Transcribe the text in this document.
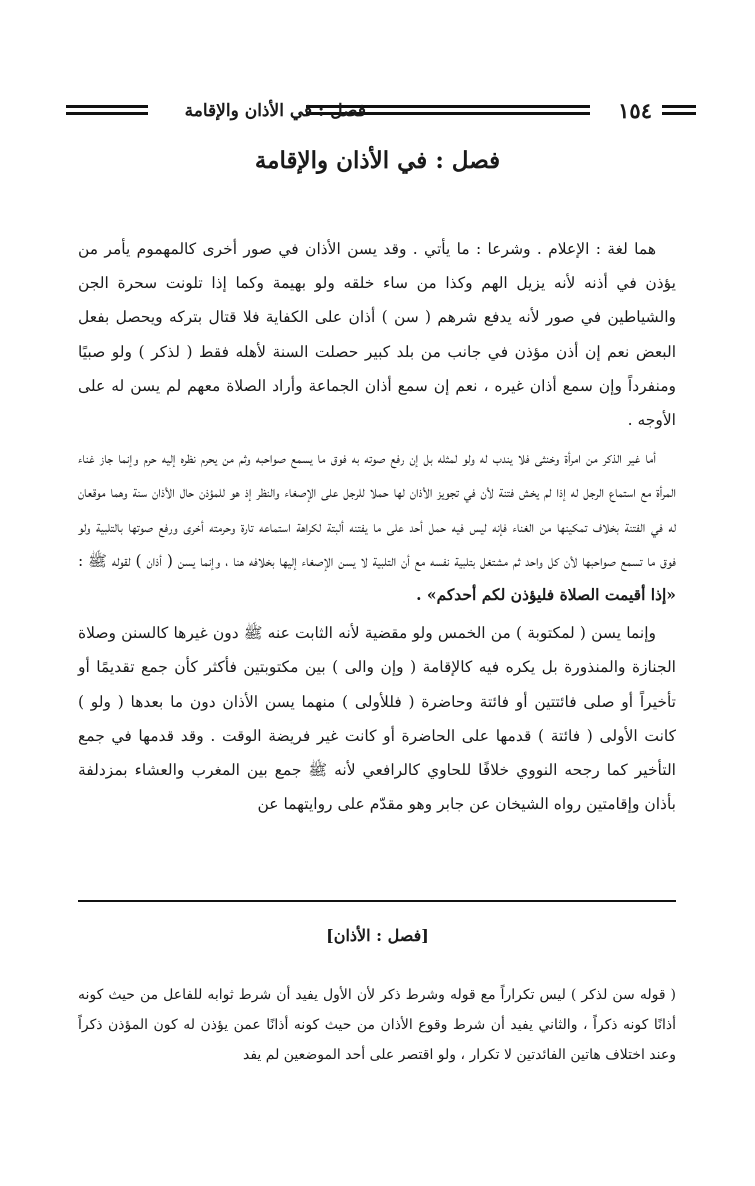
١٥٤
فصل : في الأذان والإقامة
فصل : في الأذان والإقامة

هما لغة : الإعلام . وشرعا : ما يأتي . وقد يسن الأذان في صور أخرى كالمهموم يأمر من يؤذن في أذنه لأنه يزيل الهم وكذا من ساء خلقه ولو بهيمة وكما إذا تلونت سحرة الجن والشياطين في صور لأنه يدفع شرهم ( سن ) أذان على الكفاية فلا قتال بتركه ويحصل بفعل البعض نعم إن أذن مؤذن في جانب من بلد كبير حصلت السنة لأهله فقط ( لذكر ) ولو صبيًا ومنفرداً وإن سمع أذان غيره ، نعم إن سمع أذان الجماعة وأراد الصلاة معهم لم يسن له على الأوجه .

أما غير الذكر من امرأة وخنثى فلا يندب له ولو لمثله بل إن رفع صوته به فوق ما يسمع صواحبه وثم من يحرم نظره إليه حرم وإنما جاز غناء المرأة مع استماع الرجل له إذا لم يخش فتنة لأن في تجويز الأذان لها حملا للرجل على الإصغاء والنظر إذ هو للمؤذن حال الأذان سنة وهما موقعان له في الفتنة بخلاف تمكينها من الغناء فإنه ليس فيه حمل أحد على ما يفتنه ألبتة لكراهة استماعه تارة وحرمته أخرى ورفع صوتها بالتلبية ولو فوق ما تسمع صواحبها لأن كل واحد ثم مشتغل بتلبية نفسه مع أن التلبية لا يسن الإصغاء إليها بخلافه هنا ، وإنما يسن ( أذان ) لقوله ﷺ : «إذا أقيمت الصلاة فليؤذن لكم أحدكم» .

وإنما يسن ( لمكتوبة ) من الخمس ولو مقضية لأنه الثابت عنه ﷺ دون غيرها كالسنن وصلاة الجنازة والمنذورة بل يكره فيه كالإقامة ( وإن والى ) بين مكتوبتين فأكثر كأن جمع تقديمًا أو تأخيراً أو صلى فائتتين أو فائتة وحاضرة ( فللأولى ) منهما يسن الأذان دون ما بعدها ( ولو ) كانت الأولى ( فائتة ) قدمها على الحاضرة أو كانت غير فريضة الوقت . وقد قدمها في جمع التأخير كما رجحه النووي خلافًا للحاوي كالرافعي لأنه ﷺ جمع بين المغرب والعشاء بمزدلفة بأذان وإقامتين رواه الشيخان عن جابر وهو مقدّم على روايتهما عن

[فصل : الأذان]

( قوله سن لذكر ) ليس تكراراً مع قوله وشرط ذكر لأن الأول يفيد أن شرط ثوابه للفاعل من حيث كونه أذانًا كونه ذكراً ، والثاني يفيد أن شرط وقوع الأذان من حيث كونه أذانًا عمن يؤذن له كون المؤذن ذكراً وعند اختلاف هاتين الفائدتين لا تكرار ، ولو اقتصر على أحد الموضعين لم يفد
